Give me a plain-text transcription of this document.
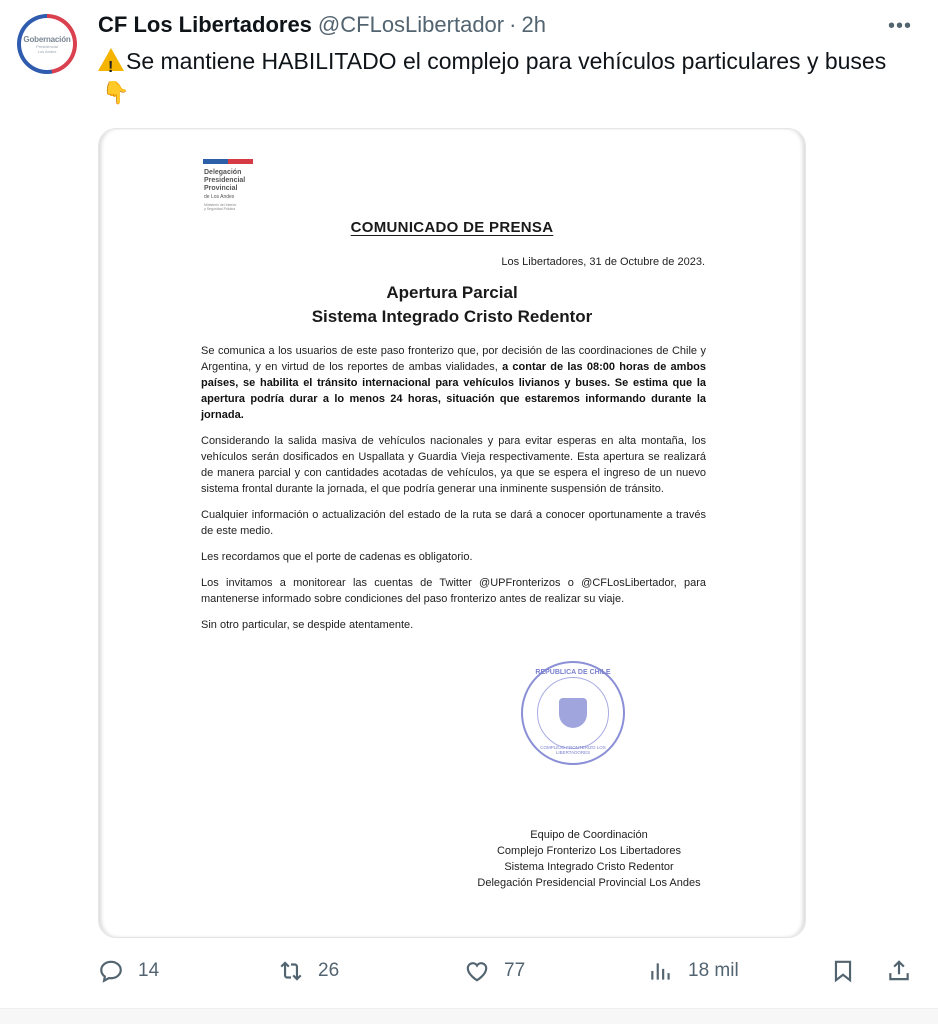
Gobernación
Presidencial
Los Andes
CF Los Libertadores @CFLosLibertador · 2h	•••
!Se mantiene HABILITADO el complejo para vehículos particulares y buses👇
Delegación
Presidencial
Provincial
de Los Andes
Ministerio del Interior
y Seguridad Pública
COMUNICADO DE PRENSA
Los Libertadores, 31 de Octubre de 2023.
Apertura Parcial
Sistema Integrado Cristo Redentor

Se comunica a los usuarios de este paso fronterizo que, por decisión de las coordinaciones de Chile y Argentina, y en virtud de los reportes de ambas vialidades, a contar de las 08:00 horas de ambos países, se habilita el tránsito internacional para vehículos livianos y buses. Se estima que la apertura podría durar a lo menos 24 horas, situación que estaremos informando durante la jornada.

Considerando la salida masiva de vehículos nacionales y para evitar esperas en alta montaña, los vehículos serán dosificados en Uspallata y Guardia Vieja respectivamente. Esta apertura se realizará de manera parcial y con cantidades acotadas de vehículos, ya que se espera el ingreso de un nuevo sistema frontal durante la jornada, el que podría generar una inminente suspensión de tránsito.

Cualquier información o actualización del estado de la ruta se dará a conocer oportunamente a través de este medio.

Les recordamos que el porte de cadenas es obligatorio.

Los invitamos a monitorear las cuentas de Twitter @UPFronterizos o @CFLosLibertador, para mantenerse informado sobre condiciones del paso fronterizo antes de realizar su viaje.

Sin otro particular, se despide atentamente.

REPUBLICA DE CHILE
COMPLEJO FRONTERIZO LOS LIBERTADORES
Equipo de Coordinación
Complejo Fronterizo Los Libertadores
Sistema Integrado Cristo Redentor
Delegación Presidencial Provincial Los Andes
14	26	77	18 mil
